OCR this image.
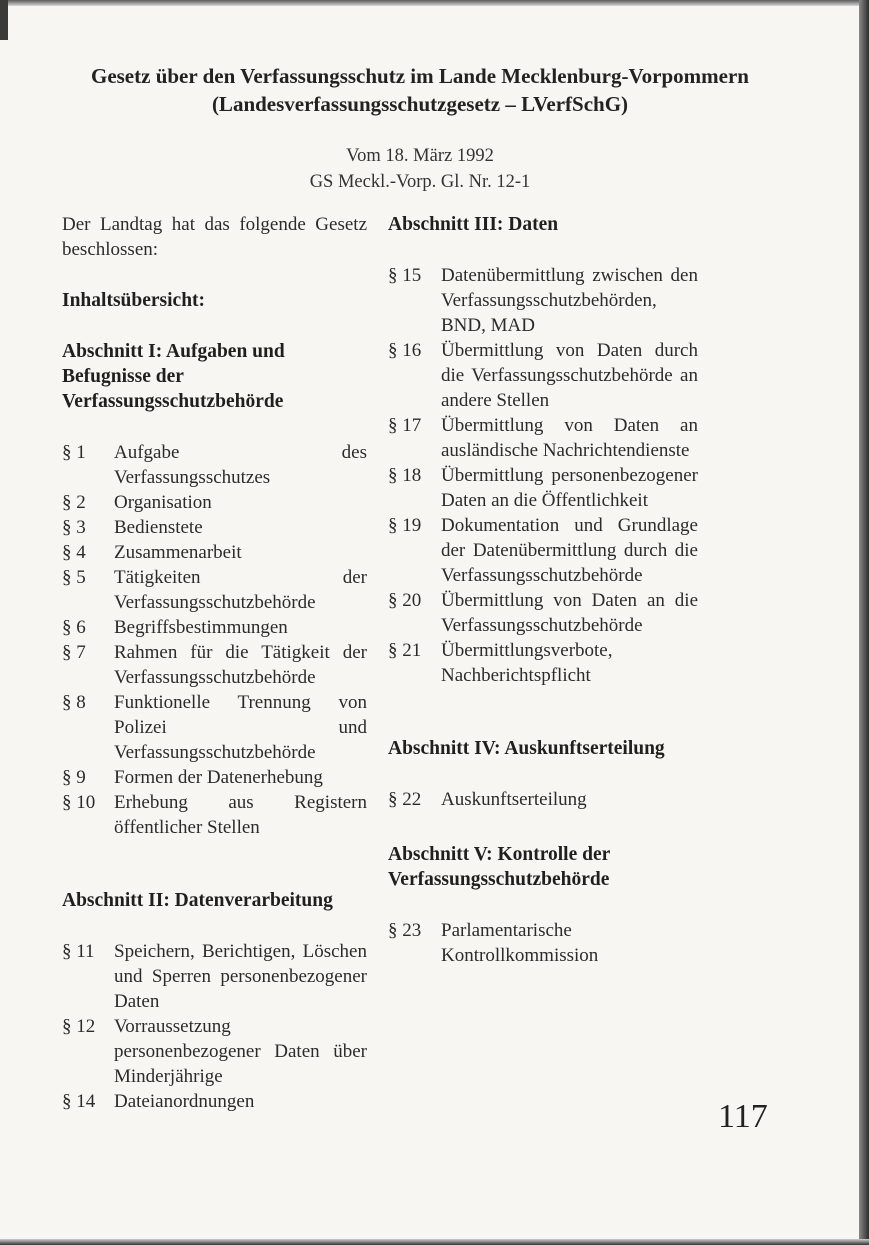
Gesetz über den Verfassungsschutz im Lande Mecklenburg-Vorpommern (Landesverfassungsschutzgesetz – LVerfSchG)
Vom 18. März 1992
GS Meckl.-Vorp. Gl. Nr. 12-1

Der Landtag hat das folgende Gesetz beschlossen:

Inhaltsübersicht:
Abschnitt I: Aufgaben und Befugnisse der Verfassungsschutzbehörde
§ 1	Aufgabe des Verfassungsschutzes
§ 2	Organisation
§ 3	Bedienstete
§ 4	Zusammenarbeit
§ 5	Tätigkeiten der Verfassungsschutzbehörde
§ 6	Begriffsbestimmungen
§ 7	Rahmen für die Tätigkeit der Verfassungsschutzbehörde
§ 8	Funktionelle Trennung von Polizei und Verfassungsschutzbehörde
§ 9	Formen der Datenerhebung
§ 10 Erhebung aus Registern öffentlicher Stellen
Abschnitt II: Datenverarbeitung
§ 11	Speichern, Berichtigen, Löschen und Sperren personenbezogener Daten
§ 12 Vorraussetzung personenbezogener Daten über Minderjährige
§ 14 Dateianordnungen
Abschnitt III: Daten
§ 15	Datenübermittlung zwischen den Verfassungsschutzbehörden, BND, MAD
§ 16	Übermittlung von Daten durch die Verfassungsschutzbehörde an andere Stellen
§ 17	Übermittlung von Daten an ausländische Nachrichtendienste
§ 18	Übermittlung personenbezogener Daten an die Öffentlichkeit
§ 19	Dokumentation und Grundlage der Datenübermittlung durch die Verfassungsschutzbehörde
§ 20	Übermittlung von Daten an die Verfassungsschutzbehörde
§ 21	Übermittlungsverbote, Nachberichtspflicht
Abschnitt IV: Auskunftserteilung
§ 22	Auskunftserteilung
Abschnitt V: Kontrolle der Verfassungsschutzbehörde
§ 23	Parlamentarische Kontrollkommission
117
